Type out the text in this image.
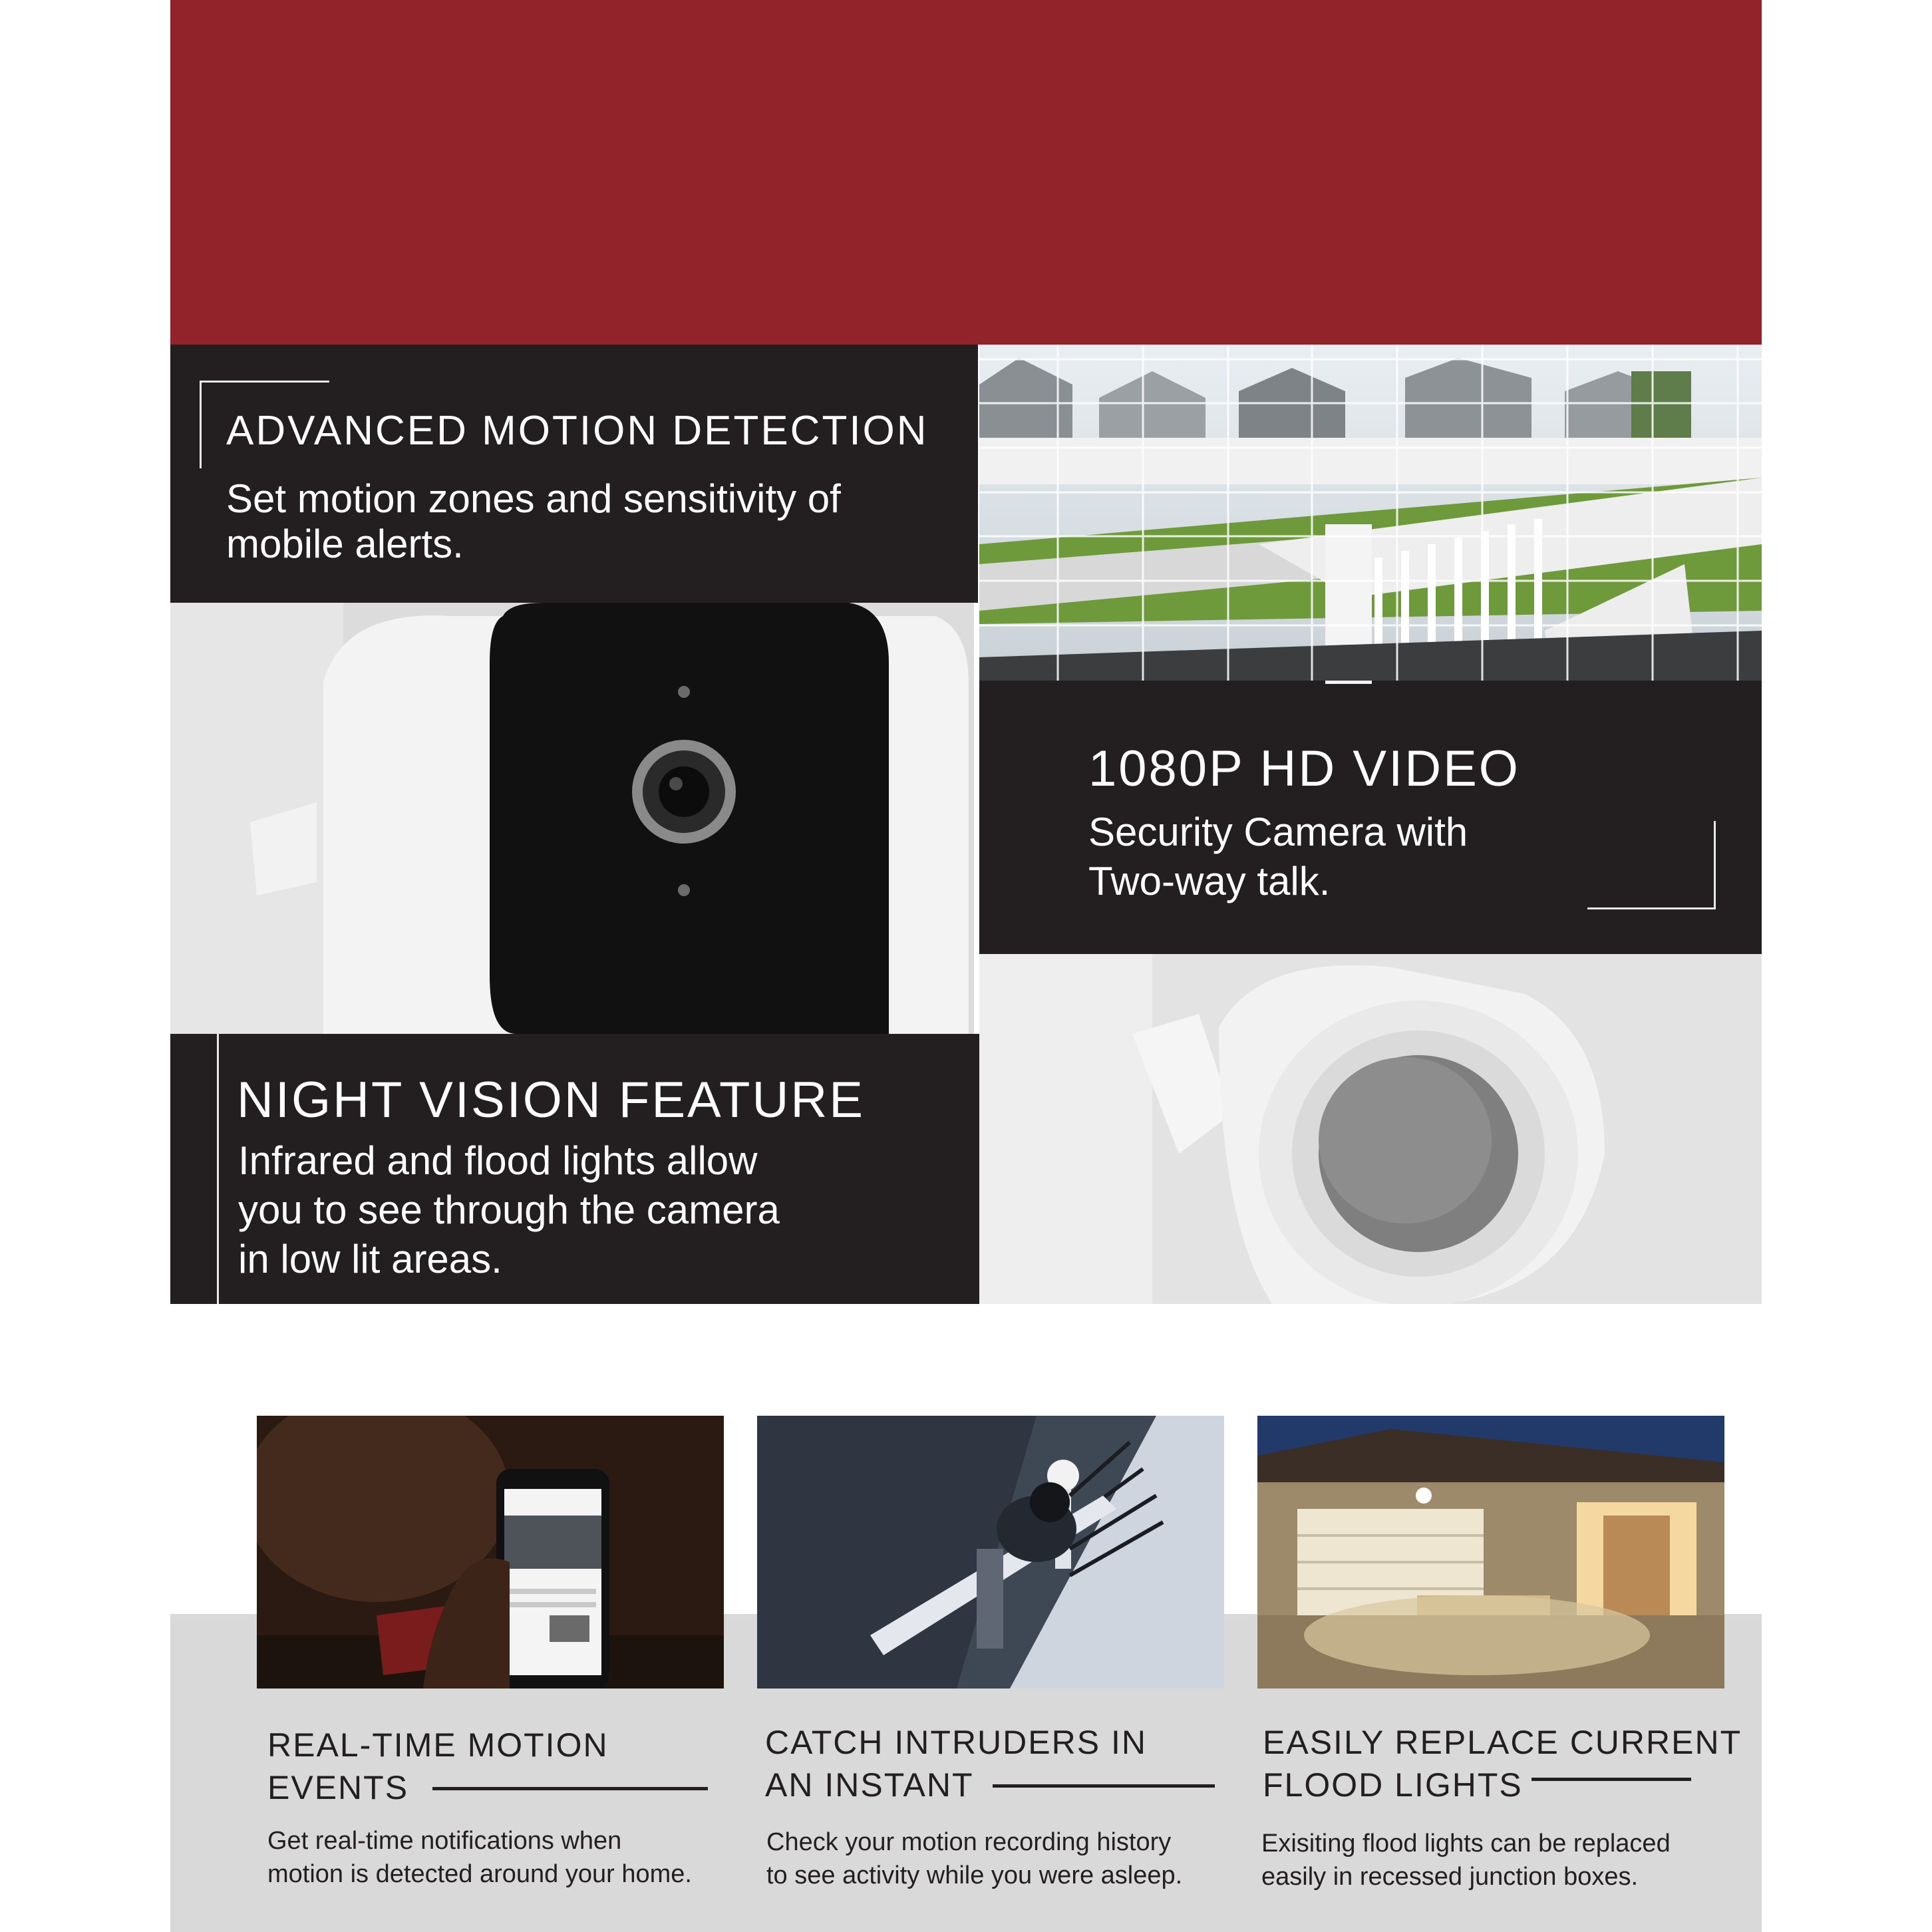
ADVANCED MOTION DETECTION

Set motion zones and sensitivity of mobile alerts.

1080P HD VIDEO

Security Camera with

Two-way talk.

NIGHT VISION FEATURE

Infrared and flood lights allow

you to see through the camera

in low lit areas.

REAL-TIME MOTION

EVENTS

Get real-time notifications when

motion is detected around your home.

CATCH INTRUDERS IN

AN INSTANT

Check your motion recording history

to see activity while you were asleep.

EASILY REPLACE CURRENT

FLOOD LIGHTS

Exisiting flood lights can be replaced

easily in recessed junction boxes.
